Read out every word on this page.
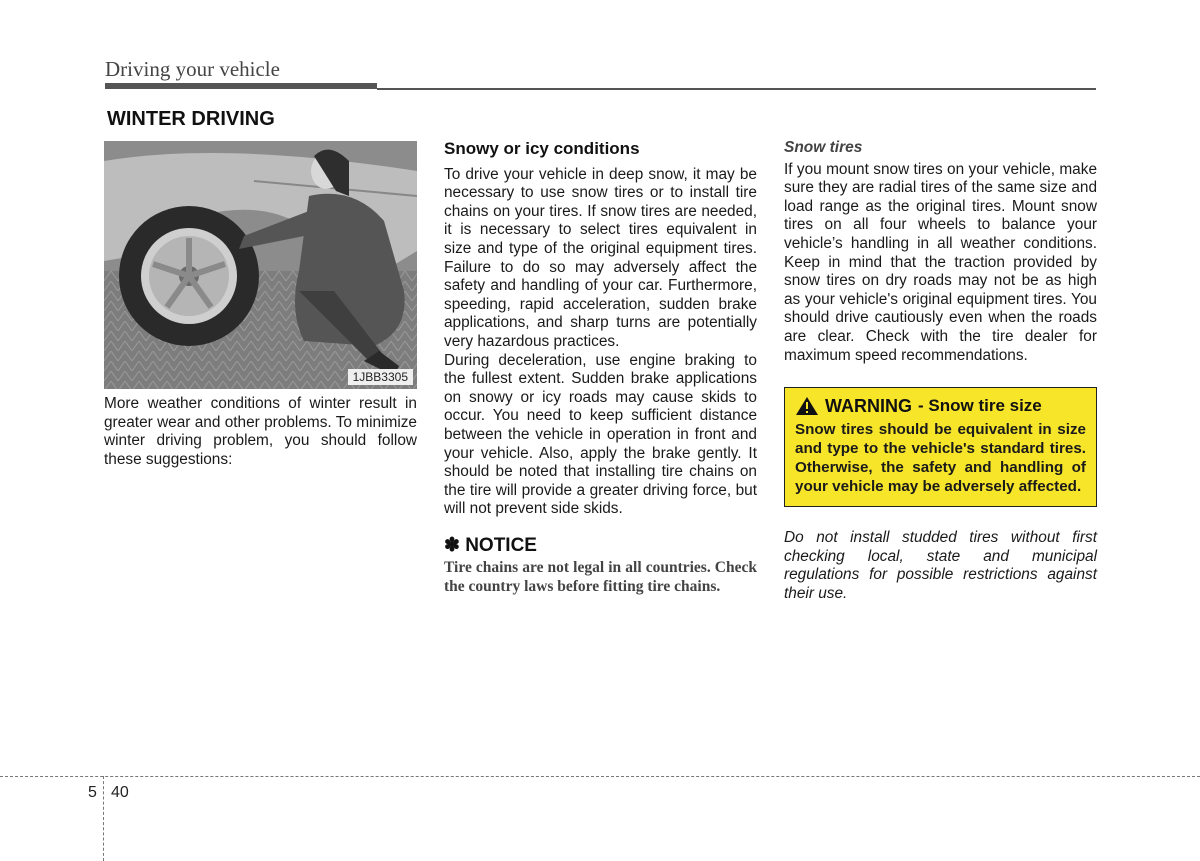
Driving your vehicle
WINTER DRIVING
1JBB3305

More weather conditions of winter result in greater wear and other problems. To minimize winter driving problem, you should follow these suggestions:

Snowy or icy conditions

To drive your vehicle in deep snow, it may be necessary to use snow tires or to install tire chains on your tires. If snow tires are needed, it is necessary to select tires equivalent in size and type of the original equipment tires. Failure to do so may adversely affect the safety and handling of your car. Furthermore, speeding, rapid acceleration, sudden brake applications, and sharp turns are potentially very hazardous practices.

During deceleration, use engine braking to the fullest extent. Sudden brake applications on snowy or icy roads may cause skids to occur. You need to keep sufficient distance between the vehicle in operation in front and your vehicle. Also, apply the brake gently. It should be noted that installing tire chains on the tire will provide a greater driving force, but will not prevent side skids.

✽ NOTICE

Tire chains are not legal in all countries. Check the country laws before fitting tire chains.

Snow tires

If you mount snow tires on your vehicle, make sure they are radial tires of the same size and load range as the original tires. Mount snow tires on all four wheels to balance your vehicle’s handling in all weather conditions. Keep in mind that the traction provided by snow tires on dry roads may not be as high as your vehicle's original equipment tires. You should drive cautiously even when the roads are clear. Check with the tire dealer for maximum speed recommendations.

WARNING - Snow tire size

Snow tires should be equivalent in size and type to the vehicle's standard tires. Otherwise, the safety and handling of your vehicle may be adversely affected.

Do not install studded tires without first checking local, state and municipal regulations for possible restrictions against their use.

5 40
